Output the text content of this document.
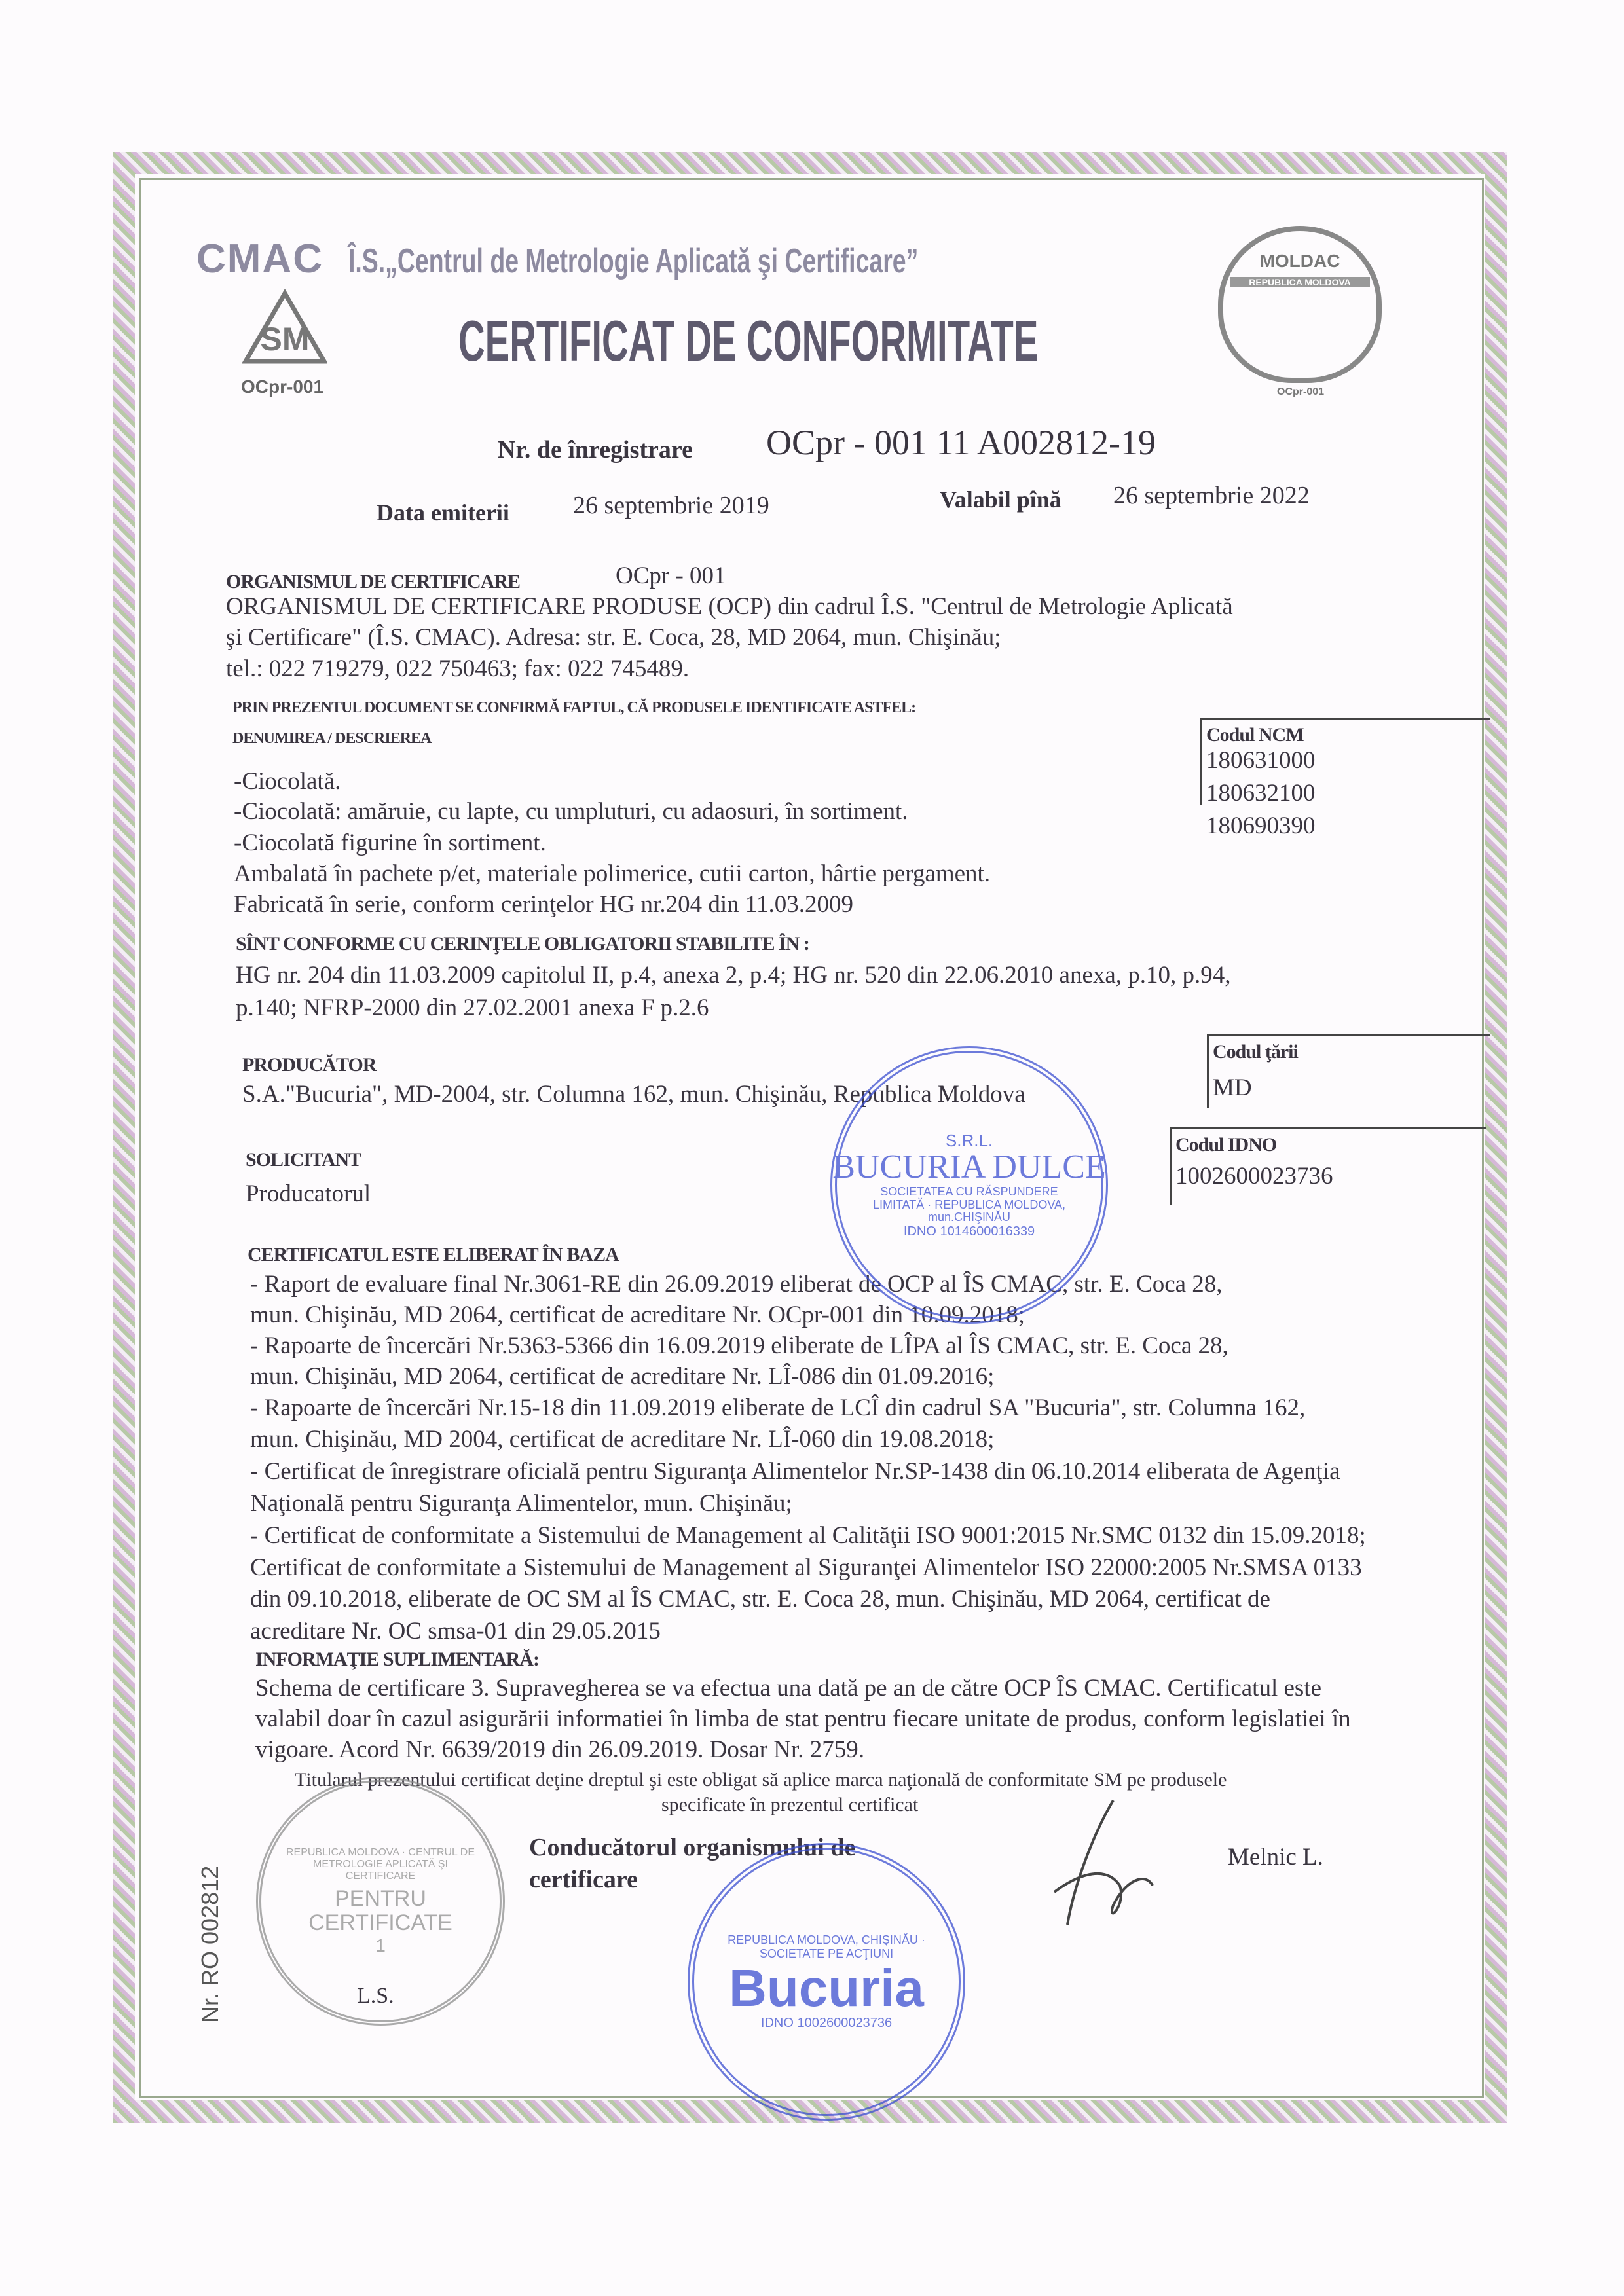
CMAC Î.S.„Centrul de Metrologie Aplicată şi Certificare”
SM
OCpr-001
CERTIFICAT DE CONFORMITATE
MOLDAC
REPUBLICA MOLDOVA
OCpr-001
Nr. de înregistrare OCpr - 001 11 A002812-19
Data emiterii	26 septembrie 2019	Valabil pînă 26 septembrie 2022
ORGANISMUL DE CERTIFICARE	OCpr - 001
ORGANISMUL DE CERTIFICARE PRODUSE (OCP) din cadrul Î.S. "Centrul de Metrologie Aplicată
şi Certificare" (Î.S. CMAC). Adresa: str. E. Coca, 28, MD 2064, mun. Chişinău;
tel.: 022 719279, 022 750463; fax: 022 745489.
PRIN PREZENTUL DOCUMENT SE CONFIRMĂ FAPTUL, CĂ PRODUSELE IDENTIFICATE ASTFEL:
DENUMIREA / DESCRIEREA
-Ciocolată.
-Ciocolată: amăruie, cu lapte, cu umpluturi, cu adaosuri, în sortiment.
-Ciocolată figurine în sortiment.
Ambalată în pachete p/et, materiale polimerice, cutii carton, hârtie pergament.
Fabricată în serie, conform cerinţelor HG nr.204 din 11.03.2009
Codul NCM
180631000
180632100
180690390
SÎNT CONFORME CU CERINŢELE OBLIGATORII STABILITE ÎN :
HG nr. 204 din 11.03.2009 capitolul II, p.4, anexa 2, p.4; HG nr. 520 din 22.06.2010 anexa, p.10, p.94,
p.140; NFRP-2000 din 27.02.2001 anexa F p.2.6
PRODUCĂTOR
S.A."Bucuria", MD-2004, str. Columna 162, mun. Chişinău, Republica Moldova
Codul ţării
MD
SOLICITANT
Producatorul
Codul IDNO
1002600023736
CERTIFICATUL ESTE ELIBERAT ÎN BAZA
- Raport de evaluare final Nr.3061-RE din 26.09.2019 eliberat de OCP al ÎS CMAC, str. E. Coca 28,
mun. Chişinău, MD 2064, certificat de acreditare Nr. OCpr-001 din 10.09.2018;
- Rapoarte de încercări Nr.5363-5366 din 16.09.2019 eliberate de LÎPA al ÎS CMAC, str. E. Coca 28,
mun. Chişinău, MD 2064, certificat de acreditare Nr. LÎ-086 din 01.09.2016;
- Rapoarte de încercări Nr.15-18 din 11.09.2019 eliberate de LCÎ din cadrul SA "Bucuria", str. Columna 162,
mun. Chişinău, MD 2004, certificat de acreditare Nr. LÎ-060 din 19.08.2018;
- Certificat de înregistrare oficială pentru Siguranţa Alimentelor Nr.SP-1438 din 06.10.2014 eliberata de Agenţia
Naţională pentru Siguranţa Alimentelor, mun. Chişinău;
- Certificat de conformitate a Sistemului de Management al Calităţii ISO 9001:2015 Nr.SMC 0132 din 15.09.2018;
Certificat de conformitate a Sistemului de Management al Siguranţei Alimentelor ISO 22000:2005 Nr.SMSA 0133
din 09.10.2018, eliberate de OC SM al ÎS CMAC, str. E. Coca 28, mun. Chişinău, MD 2064, certificat de
acreditare Nr. OC smsa-01 din 29.05.2015
INFORMAŢIE SUPLIMENTARĂ:
Schema de certificare 3. Supravegherea se va efectua una dată pe an de către OCP ÎS CMAC. Certificatul este
valabil doar în cazul asigurării informatiei în limba de stat pentru fiecare unitate de produs, conform legislatiei în
vigoare. Acord Nr. 6639/2019 din 26.09.2019. Dosar Nr. 2759.
Titularul prezentului certificat deţine dreptul şi este obligat să aplice marca naţională de conformitate SM pe produsele
specificate în prezentul certificat
Conducătorul organismului de
certificare
Melnic L.
L.S.
Nr. RO 002812
S.R.L.
BUCURIA DULCE
SOCIETATEA CU RĂSPUNDERE LIMITATĂ · REPUBLICA MOLDOVA, mun.CHIŞINĂU
IDNO 1014600016339
REPUBLICA MOLDOVA, CHIŞINĂU · SOCIETATE PE ACŢIUNI
Bucuria
IDNO 1002600023736
REPUBLICA MOLDOVA · CENTRUL DE METROLOGIE APLICATĂ ŞI CERTIFICARE
PENTRU CERTIFICATE
1
